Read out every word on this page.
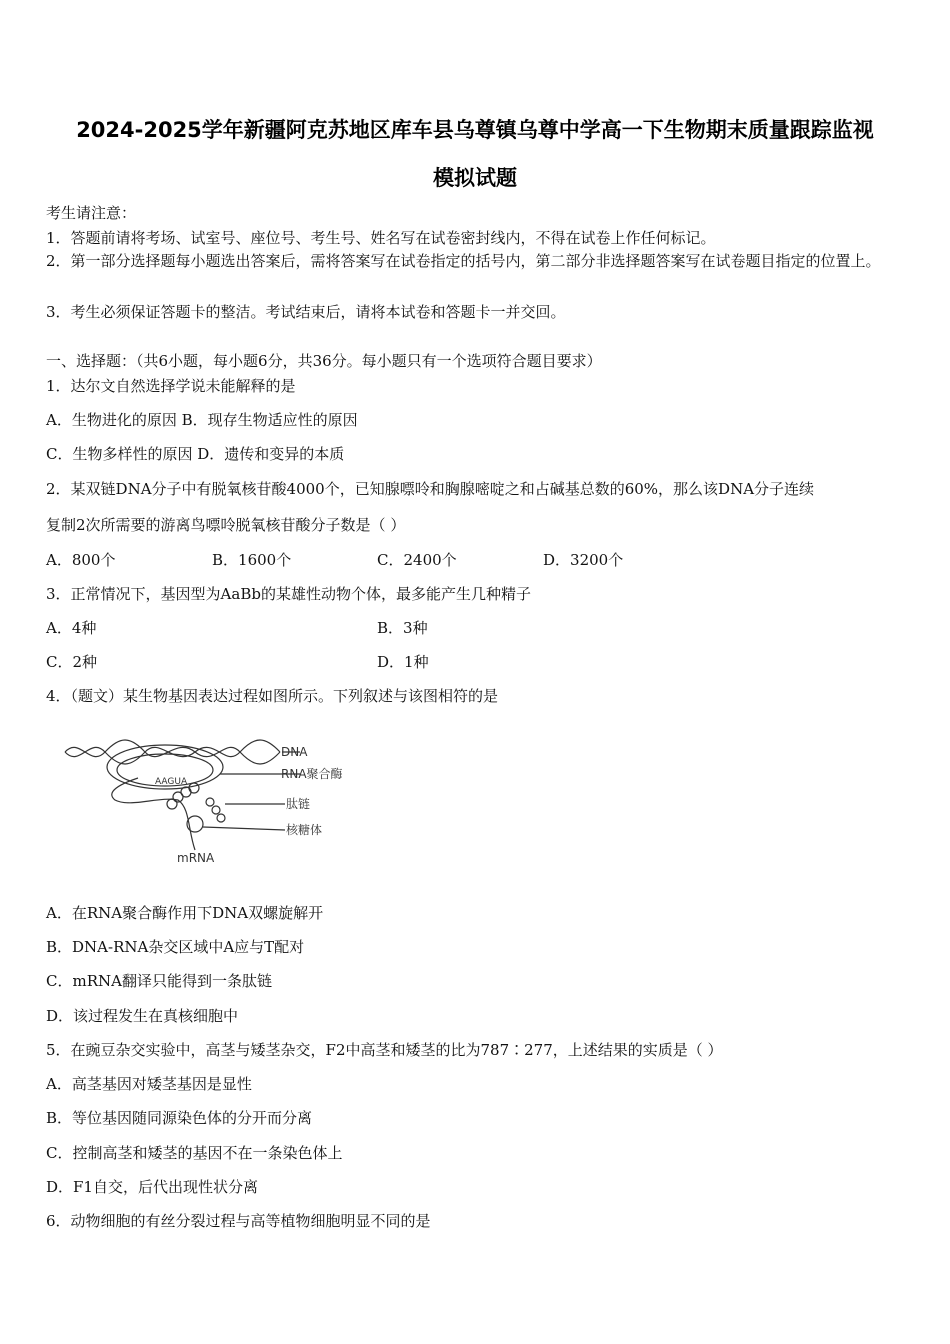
2024-2025学年新疆阿克苏地区库车县乌尊镇乌尊中学高一下生物期末质量跟踪监视
模拟试题
考生请注意：
1．答题前请将考场、试室号、座位号、考生号、姓名写在试卷密封线内，不得在试卷上作任何标记。
2．第一部分选择题每小题选出答案后，需将答案写在试卷指定的括号内，第二部分非选择题答案写在试卷题目指定的位置上。
3．考生必须保证答题卡的整洁。考试结束后，请将本试卷和答题卡一并交回。
一、选择题：（共6小题，每小题6分，共36分。每小题只有一个选项符合题目要求）
1．达尔文自然选择学说未能解释的是
A．生物进化的原因 B．现存生物适应性的原因
C．生物多样性的原因 D．遗传和变异的本质
2．某双链DNA分子中有脱氧核苷酸4000个，已知腺嘌呤和胸腺嘧啶之和占碱基总数的60%，那么该DNA分子连续
复制2次所需要的游离鸟嘌呤脱氧核苷酸分子数是（ ）
A．800个	B．1600个	C．2400个	D．3200个
3．正常情况下，基因型为AaBb的某雄性动物个体，最多能产生几种精子
A．4种	B．3种
C．2种	D．1种
4．（题文）某生物基因表达过程如图所示。下列叙述与该图相符的是
AAGUA
DNA
RNA聚合酶
肽链
核糖体
mRNA
A．在RNA聚合酶作用下DNA双螺旋解开
B．DNA-RNA杂交区域中A应与T配对
C．mRNA翻译只能得到一条肽链
D．该过程发生在真核细胞中
5．在豌豆杂交实验中，高茎与矮茎杂交，F2中高茎和矮茎的比为787∶277，上述结果的实质是（ ）
A．高茎基因对矮茎基因是显性
B．等位基因随同源染色体的分开而分离
C．控制高茎和矮茎的基因不在一条染色体上
D．F1自交，后代出现性状分离
6．动物细胞的有丝分裂过程与高等植物细胞明显不同的是
